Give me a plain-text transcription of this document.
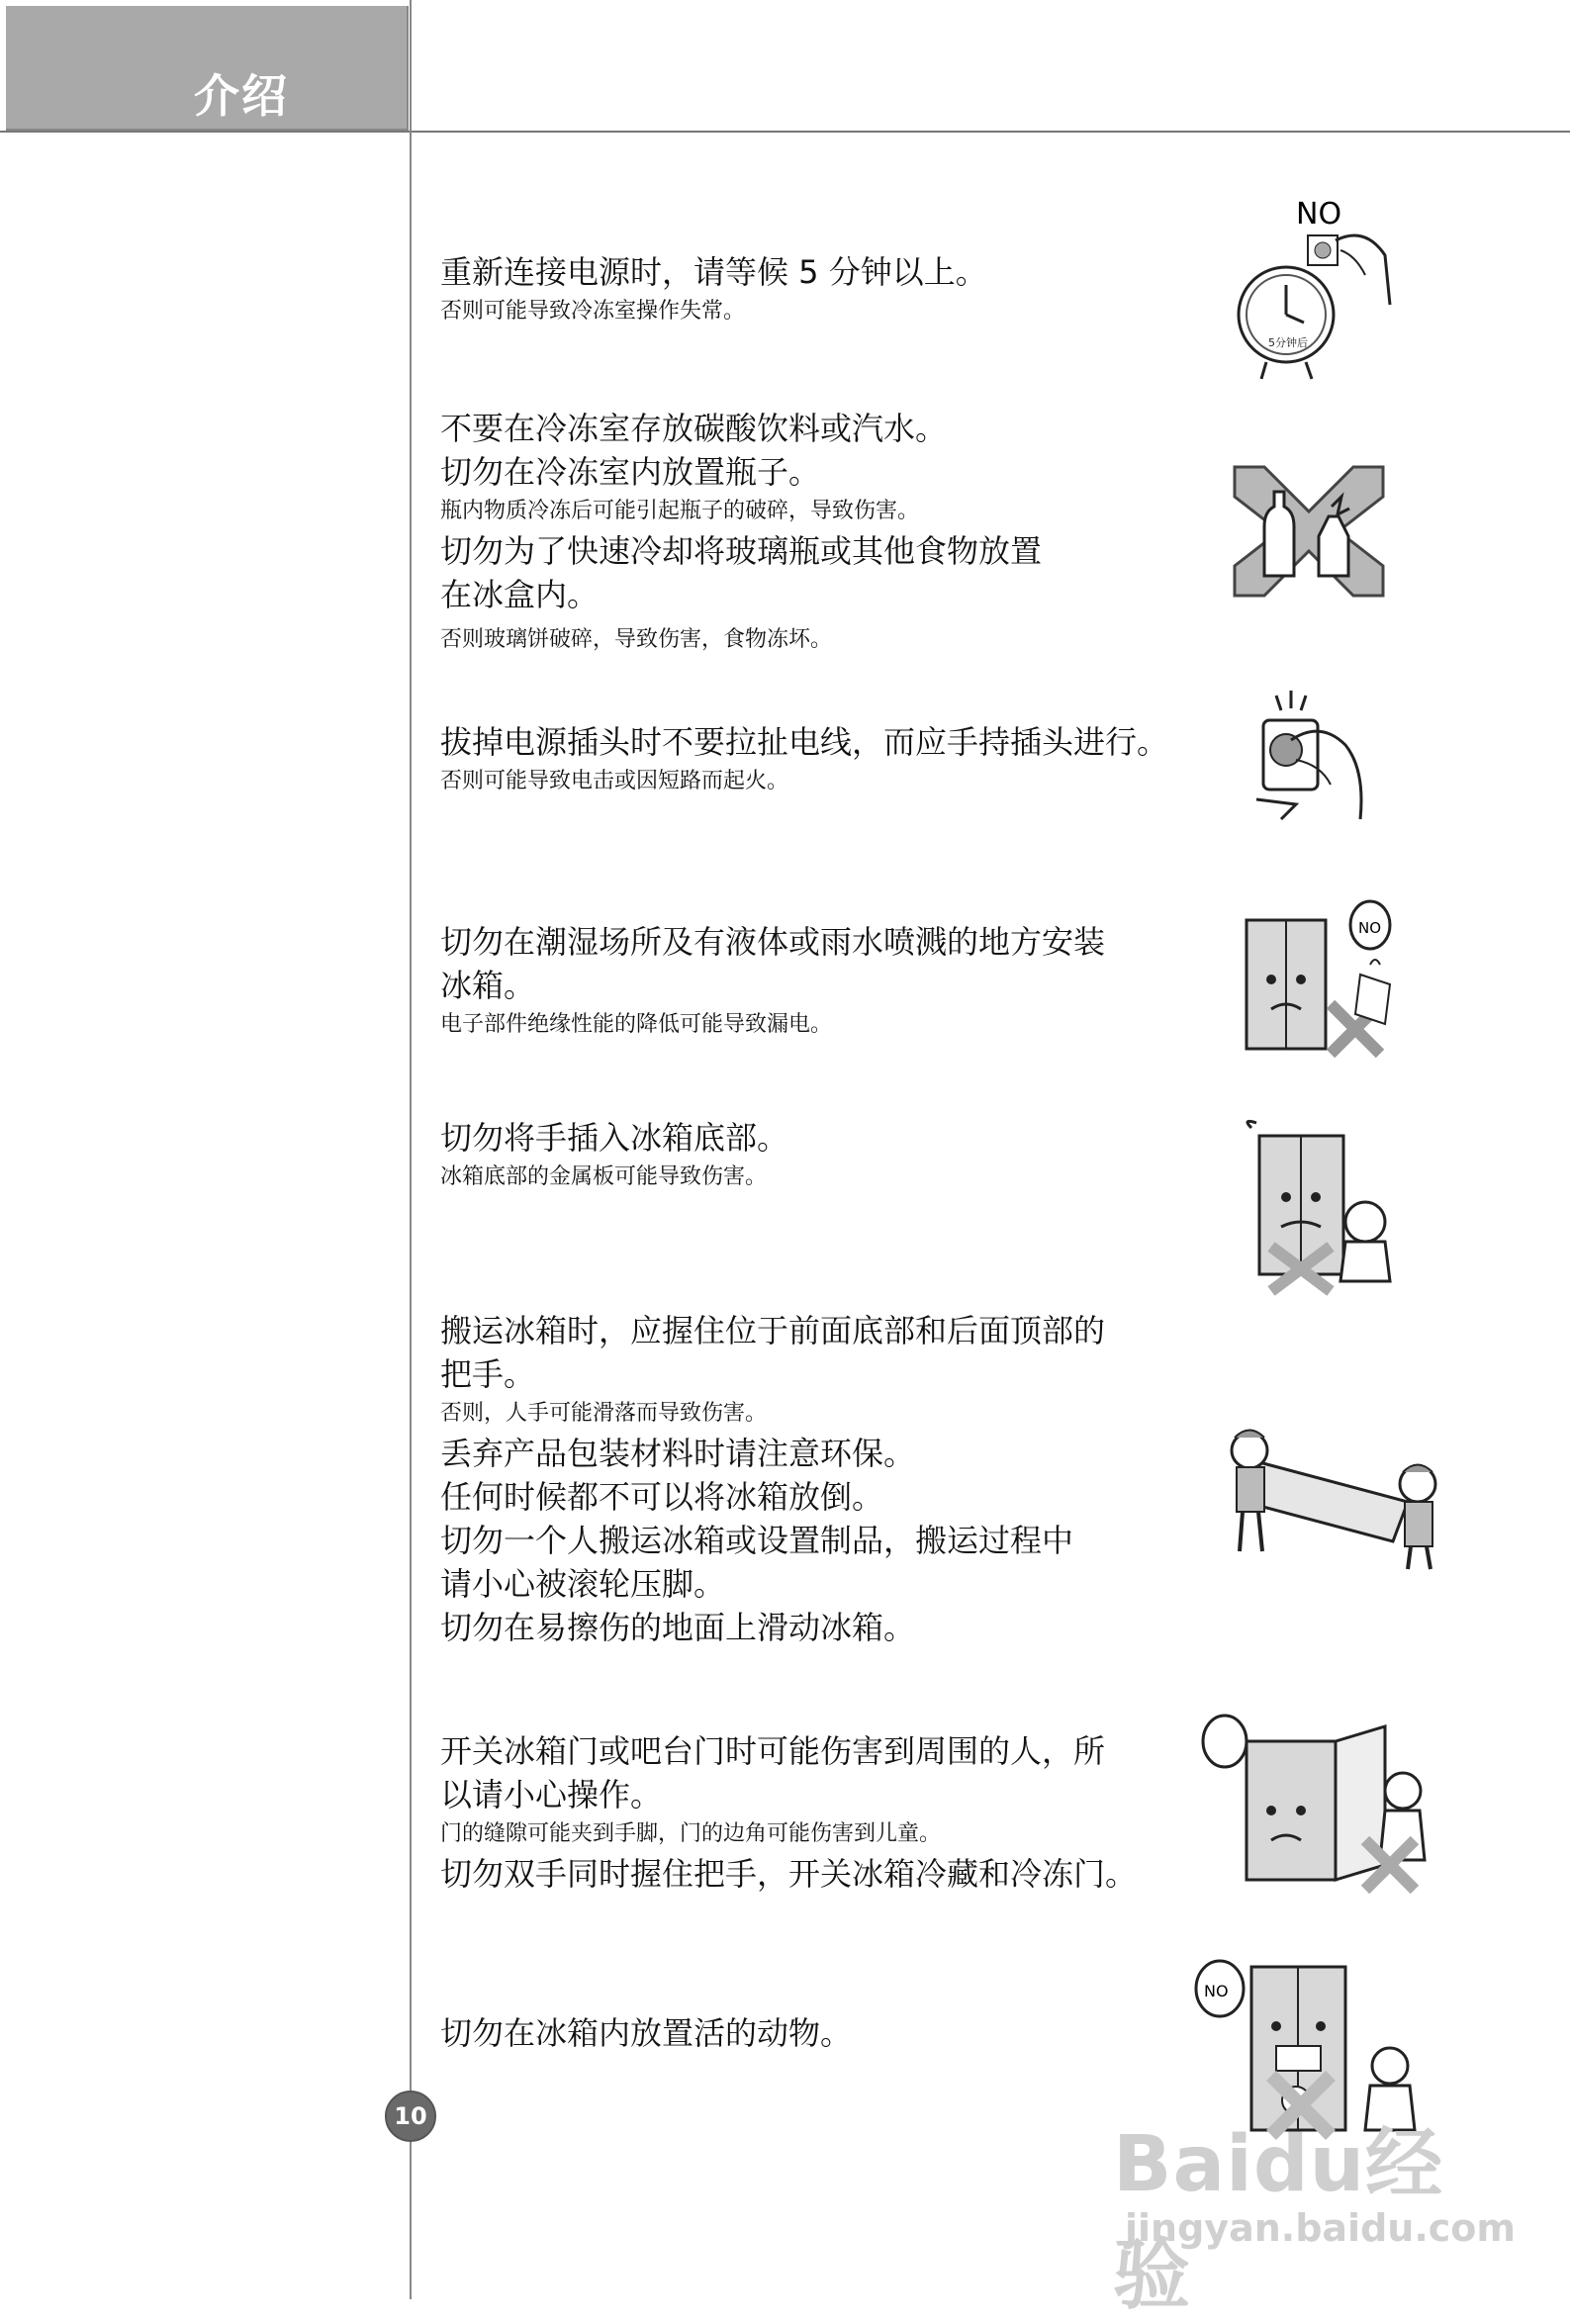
介绍

重新连接电源时，请等候 5 分钟以上。

否则可能导致冷冻室操作失常。

NO
5分钟后

不要在冷冻室存放碳酸饮料或汽水。

切勿在冷冻室内放置瓶子。

瓶内物质冷冻后可能引起瓶子的破碎，导致伤害。

切勿为了快速冷却将玻璃瓶或其他食物放置

在冰盒内。

否则玻璃饼破碎，导致伤害，食物冻坏。

拔掉电源插头时不要拉扯电线，而应手持插头进行。

否则可能导致电击或因短路而起火。

切勿在潮湿场所及有液体或雨水喷溅的地方安装

冰箱。

电子部件绝缘性能的降低可能导致漏电。

NO

切勿将手插入冰箱底部。

冰箱底部的金属板可能导致伤害。

搬运冰箱时，应握住位于前面底部和后面顶部的

把手。

否则，人手可能滑落而导致伤害。

丢弃产品包装材料时请注意环保。

任何时候都不可以将冰箱放倒。

切勿一个人搬运冰箱或设置制品，搬运过程中

请小心被滚轮压脚。

切勿在易擦伤的地面上滑动冰箱。

开关冰箱门或吧台门时可能伤害到周围的人，所

以请小心操作。

门的缝隙可能夹到手脚，门的边角可能伤害到儿童。

切勿双手同时握住把手，开关冰箱冷藏和冷冻门。

切勿在冰箱内放置活的动物。

NO
10
Baidu经验
jingyan.baidu.com
